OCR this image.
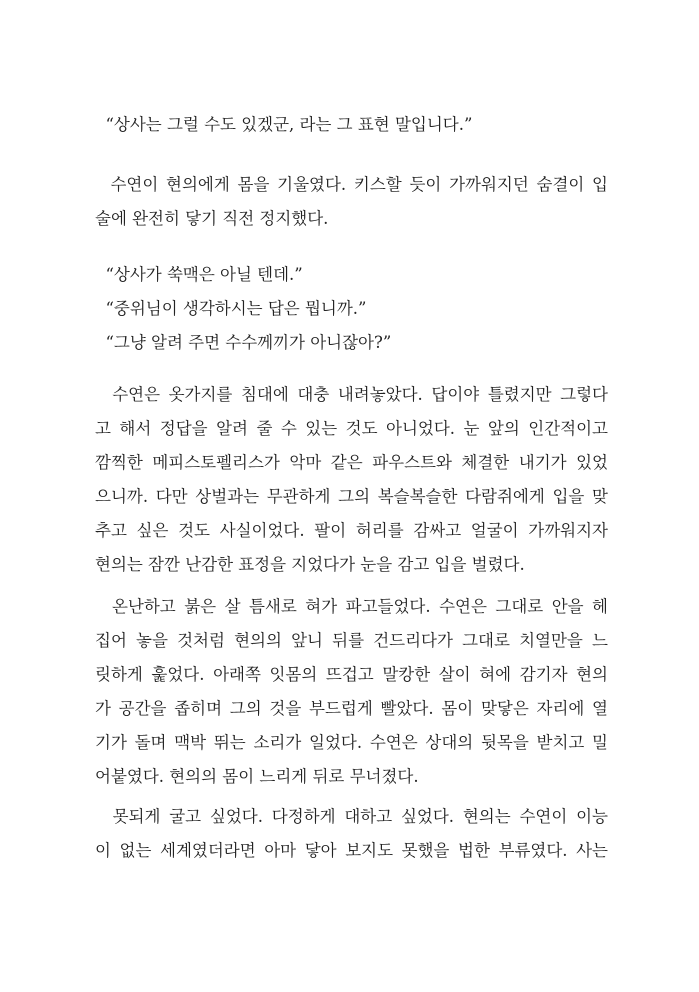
“상사는 그럴 수도 있겠군, 라는 그 표현 말입니다.”
수연이 현의에게 몸을 기울였다. 키스할 듯이 가까워지던 숨결이 입
술에 완전히 닿기 직전 정지했다.
“상사가 쑥맥은 아닐 텐데.”
“중위님이 생각하시는 답은 뭡니까.”
“그냥 알려 주면 수수께끼가 아니잖아?”
수연은 옷가지를 침대에 대충 내려놓았다. 답이야 틀렸지만 그렇다
고 해서 정답을 알려 줄 수 있는 것도 아니었다. 눈 앞의 인간적이고
깜찍한 메피스토펠리스가 악마 같은 파우스트와 체결한 내기가 있었
으니까. 다만 상벌과는 무관하게 그의 복슬복슬한 다람쥐에게 입을 맞
추고 싶은 것도 사실이었다. 팔이 허리를 감싸고 얼굴이 가까워지자
현의는 잠깐 난감한 표정을 지었다가 눈을 감고 입을 벌렸다.
온난하고 붉은 살 틈새로 혀가 파고들었다. 수연은 그대로 안을 헤
집어 놓을 것처럼 현의의 앞니 뒤를 건드리다가 그대로 치열만을 느
릿하게 훑었다. 아래쪽 잇몸의 뜨겁고 말캉한 살이 혀에 감기자 현의
가 공간을 좁히며 그의 것을 부드럽게 빨았다. 몸이 맞닿은 자리에 열
기가 돌며 맥박 뛰는 소리가 일었다. 수연은 상대의 뒷목을 받치고 밀
어붙였다. 현의의 몸이 느리게 뒤로 무너졌다.
못되게 굴고 싶었다. 다정하게 대하고 싶었다. 현의는 수연이 이능
이 없는 세계였더라면 아마 닿아 보지도 못했을 법한 부류였다. 사는
